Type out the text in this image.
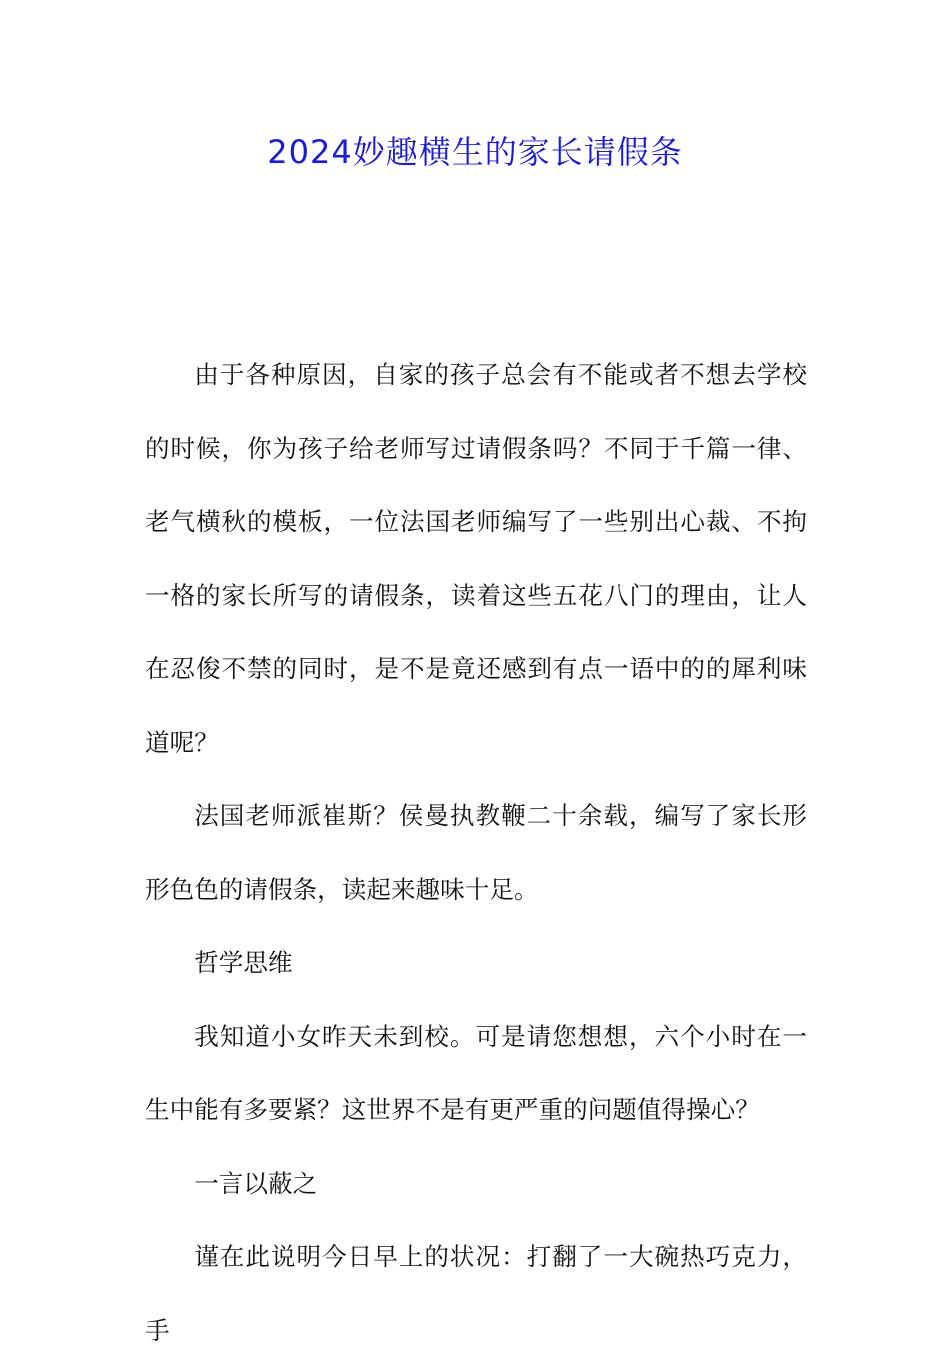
2024妙趣横生的家长请假条

由于各种原因，自家的孩子总会有不能或者不想去学校的时候，你为孩子给老师写过请假条吗？不同于千篇一律、老气横秋的模板，一位法国老师编写了一些别出心裁、不拘一格的家长所写的请假条，读着这些五花八门的理由，让人在忍俊不禁的同时，是不是竟还感到有点一语中的的犀利味道呢？

法国老师派崔斯？侯曼执教鞭二十余载，编写了家长形形色色的请假条，读起来趣味十足。

哲学思维

我知道小女昨天未到校。可是请您想想，六个小时在一生中能有多要紧？这世界不是有更严重的问题值得操心？

一言以蔽之

谨在此说明今日早上的状况：打翻了一大碗热巧克力，手
